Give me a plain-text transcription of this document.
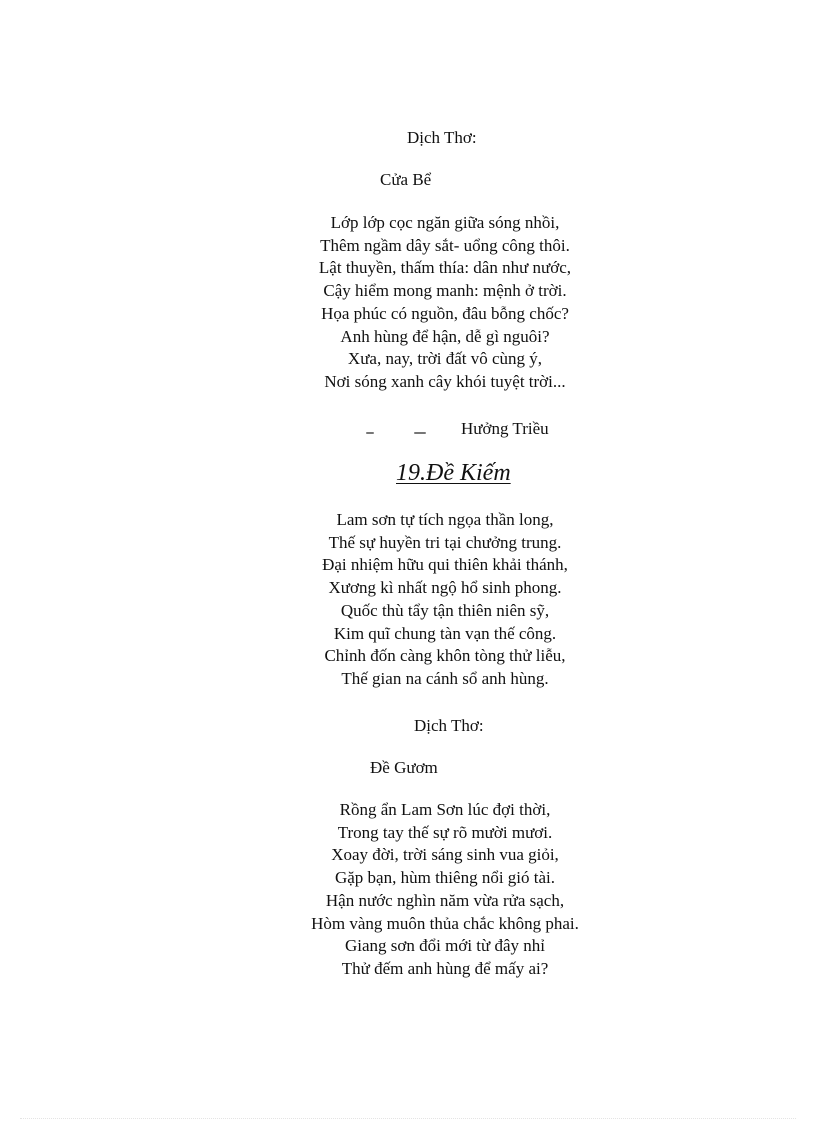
Dịch Thơ:
Cửa Bể
Lớp lớp cọc ngăn giữa sóng nhồi,
Thêm ngầm dây sắt- uổng công thôi.
Lật thuyền, thấm thía: dân như nước,
Cậy hiểm mong manh: mệnh ở trời.
Họa phúc có nguồn, đâu bỗng chốc?
Anh hùng để hận, dễ gì nguôi?
Xưa, nay, trời đất vô cùng ý,
Nơi sóng xanh cây khói tuyệt trời...
Hưởng Triều
19.Đề Kiếm
Lam sơn tự tích ngọa thần long,
Thế sự huyền tri tại chưởng trung.
Đại nhiệm hữu qui thiên khải thánh,
Xương kì nhất ngộ hổ sinh phong.
Quốc thù tẩy tận thiên niên sỹ,
Kim quĩ chung tàn vạn thế công.
Chỉnh đốn càng khôn tòng thử liễu,
Thế gian na cánh sổ anh hùng.
Dịch Thơ:
Đề Gươm
Rồng ẩn Lam Sơn lúc đợi thời,
Trong tay thế sự rõ mười mươi.
Xoay đời, trời sáng sinh vua giỏi,
Gặp bạn, hùm thiêng nổi gió tài.
Hận nước nghìn năm vừa rửa sạch,
Hòm vàng muôn thủa chắc không phai.
Giang sơn đổi mới từ đây nhỉ
Thử đếm anh hùng để mấy ai?
